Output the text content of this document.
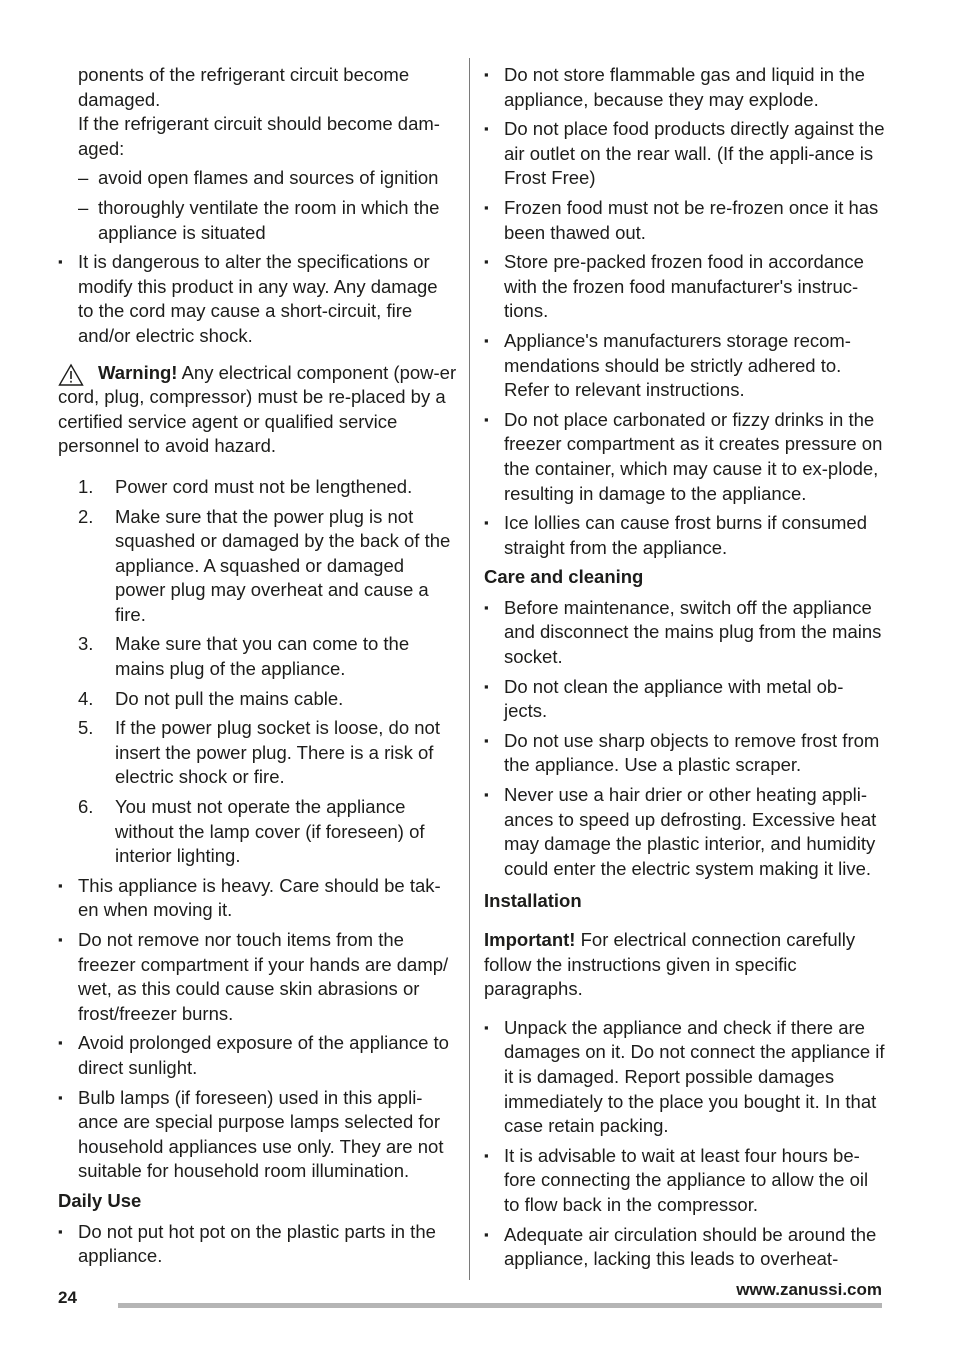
ponents of the refrigerant circuit become damaged.

If the refrigerant circuit should become dam-aged:

– avoid open flames and sources of ignition
– thoroughly ventilate the room in which the appliance is situated
▪ It is dangerous to alter the specifications or modify this product in any way. Any damage to the cord may cause a short-circuit, fire and/or electric shock.

Warning! Any electrical component (pow-er cord, plug, compressor) must be re-placed by a certified service agent or qualified service personnel to avoid hazard.

1. Power cord must not be lengthened.
2. Make sure that the power plug is not squashed or damaged by the back of the appliance. A squashed or damaged power plug may overheat and cause a fire.
3. Make sure that you can come to the mains plug of the appliance.
4. Do not pull the mains cable.
5. If the power plug socket is loose, do not insert the power plug. There is a risk of electric shock or fire.
6. You must not operate the appliance without the lamp cover (if foreseen) of interior lighting.
▪ This appliance is heavy. Care should be tak-en when moving it.
▪ Do not remove nor touch items from the freezer compartment if your hands are damp/ wet, as this could cause skin abrasions or frost/freezer burns.
▪ Avoid prolonged exposure of the appliance to direct sunlight.
▪ Bulb lamps (if foreseen) used in this appli-ance are special purpose lamps selected for household appliances use only. They are not suitable for household room illumination.
Daily Use
▪ Do not put hot pot on the plastic parts in the appliance.
▪ Do not store flammable gas and liquid in the appliance, because they may explode.
▪ Do not place food products directly against the air outlet on the rear wall. (If the appli-ance is Frost Free)
▪ Frozen food must not be re-frozen once it has been thawed out.
▪ Store pre-packed frozen food in accordance with the frozen food manufacturer's instruc-tions.
▪ Appliance's manufacturers storage recom-mendations should be strictly adhered to. Refer to relevant instructions.
▪ Do not place carbonated or fizzy drinks in the freezer compartment as it creates pressure on the container, which may cause it to ex-plode, resulting in damage to the appliance.
▪ Ice lollies can cause frost burns if consumed straight from the appliance.
Care and cleaning
▪ Before maintenance, switch off the appliance and disconnect the mains plug from the mains socket.
▪ Do not clean the appliance with metal ob-jects.
▪ Do not use sharp objects to remove frost from the appliance. Use a plastic scraper.
▪ Never use a hair drier or other heating appli-ances to speed up defrosting. Excessive heat may damage the plastic interior, and humidity could enter the electric system making it live.
Installation

Important! For electrical connection carefully follow the instructions given in specific paragraphs.

▪ Unpack the appliance and check if there are damages on it. Do not connect the appliance if it is damaged. Report possible damages immediately to the place you bought it. In that case retain packing.
▪ It is advisable to wait at least four hours be-fore connecting the appliance to allow the oil to flow back in the compressor.
▪ Adequate air circulation should be around the appliance, lacking this leads to overheat-
24	www.zanussi.com
